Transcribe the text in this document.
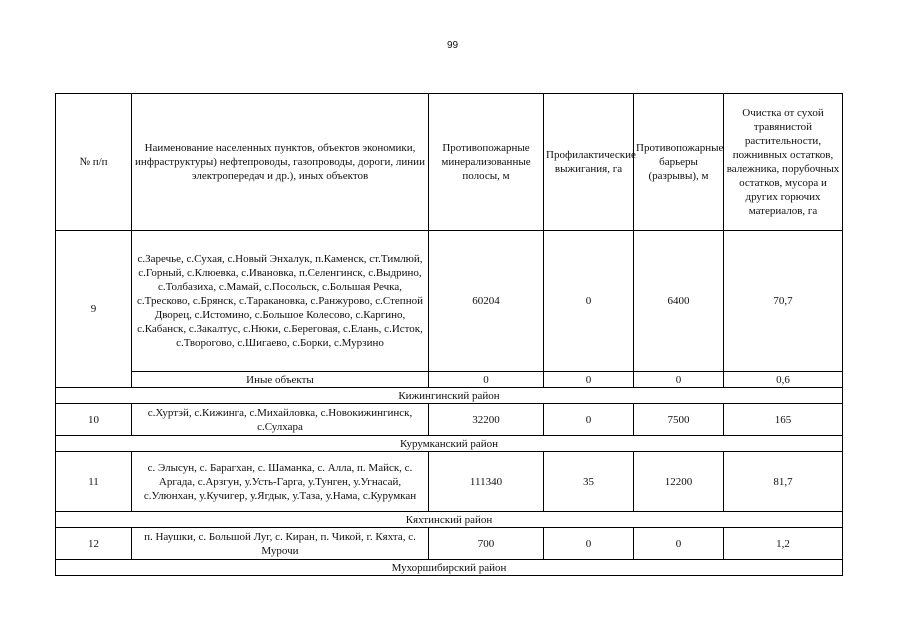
99
№ п/п	Наименование населенных пунктов, объектов экономики, инфраструктуры) нефтепроводы, газопроводы, дороги, линии электропередач и др.), иных объектов	Противопожарные минерализованные полосы, м	Профилактические выжигания, га	Противопожарные барьеры (разрывы), м	Очистка от сухой травянистой растительности, пожнивных остатков, валежника, порубочных остатков, мусора и других горючих материалов, га
9	с.Заречье, с.Сухая, с.Новый Энхалук, п.Каменск, ст.Тимлюй, с.Горный, с.Клюевка, с.Ивановка, п.Селенгинск, с.Выдрино, с.Толбазиха, с.Мамай, с.Посольск, с.Большая Речка, с.Тресково, с.Брянск, с.Таракановка, с.Ранжурово, с.Степной Дворец, с.Истомино, с.Большое Колесово, с.Каргино, с.Кабанск, с.Закалтус, с.Нюки, с.Береговая, с.Елань, с.Исток, с.Творогово, с.Шигаево, с.Борки, с.Мурзино	60204	0	6400	70,7
	Иные объекты	0	0	0	0,6
Кижингинский район					
10	с.Хуртэй, с.Кижинга, с.Михайловка, с.Новокижингинск, с.Сулхара	32200	0	7500	165
Курумканский район					
11	с. Элысун, с. Барагхан, с. Шаманка, с. Алла, п. Майск, с. Аргада, с.Арзгун, у.Усть-Гарга, у.Тунген, у.Угнасай, с.Улюнхан, у.Кучигер, у.Ягдык, у.Таза, у.Нама, с.Курумкан	111340	35	12200	81,7
Кяхтинский район					
12	п. Наушки, с. Большой Луг, с. Киран, п. Чикой, г. Кяхта, с. Мурочи	700	0	0	1,2
Мухоршибирский район					
